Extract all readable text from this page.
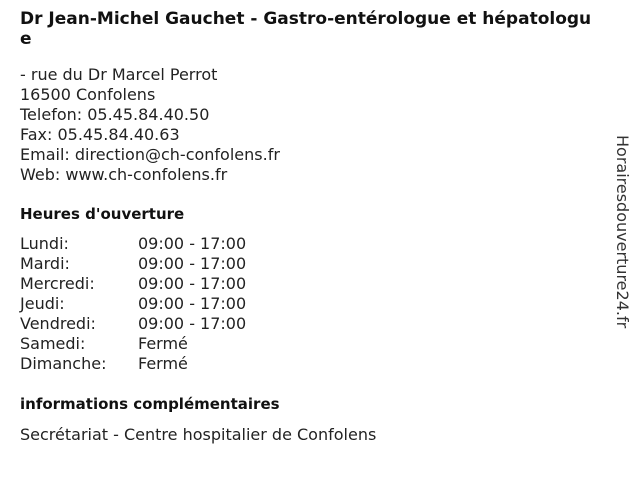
Dr Jean-Michel Gauchet - Gastro-entérologue et hépatologue
- rue du Dr Marcel Perrot
16500 Confolens
Telefon: 05.45.84.40.50
Fax: 05.45.84.40.63
Email: direction@ch-confolens.fr
Web: www.ch-confolens.fr
Heures d'ouverture
Lundi:	09:00 - 17:00
Mardi:	09:00 - 17:00
Mercredi:	09:00 - 17:00
Jeudi:	09:00 - 17:00
Vendredi:	09:00 - 17:00
Samedi:	Fermé
Dimanche:	Fermé
informations complémentaires
Secrétariat - Centre hospitalier de Confolens
Horairesdouverture24.fr
